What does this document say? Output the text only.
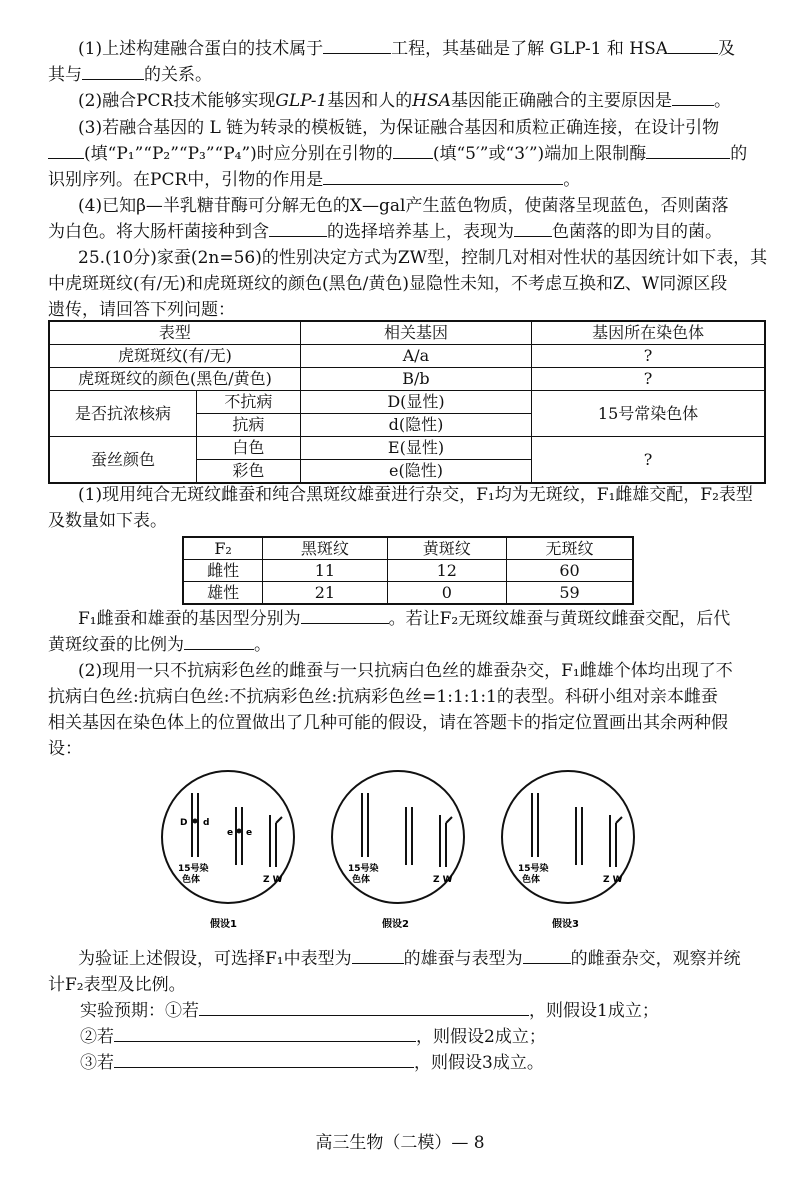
(1)上述构建融合蛋白的技术属于	工程，其基础是了解 GLP-1 和 HSA	及
其与	的关系。
(2)融合PCR技术能够实现GLP-1基因和人的HSA基因能正确融合的主要原因是 。
(3)若融合基因的 L 链为转录的模板链，为保证融合基因和质粒正确连接，在设计引物
(填“P₁”“P₂”“P₃”“P₄”)时应分别在引物的 (填“5′”或“3′”)端加上限制酶	的
识别序列。在PCR中，引物的作用是	。
(4)已知β—半乳糖苷酶可分解无色的X—gal产生蓝色物质，使菌落呈现蓝色，否则菌落
为白色。将大肠杆菌接种到含	的选择培养基上，表现为 色菌落的即为目的菌。
25.(10分)家蚕(2n=56)的性别决定方式为ZW型，控制几对相对性状的基因统计如下表，其
中虎斑斑纹(有/无)和虎斑斑纹的颜色(黑色/黄色)显隐性未知，不考虑互换和Z、W同源区段
遗传，请回答下列问题：
表型		相关基因	基因所在染色体
虎斑斑纹(有/无)		A/a	?
虎斑斑纹的颜色(黑色/黄色)		B/b	?
是否抗浓核病	不抗病	D(显性)	15号常染色体
	抗病	d(隐性)	
蚕丝颜色	白色	E(显性)	?
	彩色	e(隐性)	
(1)现用纯合无斑纹雌蚕和纯合黑斑纹雄蚕进行杂交，F₁均为无斑纹，F₁雌雄交配，F₂表型
及数量如下表。
F₂	黑斑纹	黄斑纹	无斑纹
雌性	11	12	60
雄性	21	0	59
F₁雌蚕和雄蚕的基因型分别为	。若让F₂无斑纹雄蚕与黄斑纹雌蚕交配，后代
黄斑纹蚕的比例为	。
(2)现用一只不抗病彩色丝的雌蚕与一只抗病白色丝的雄蚕杂交，F₁雌雄个体均出现了不
抗病白色丝:抗病白色丝:不抗病彩色丝:抗病彩色丝=1:1:1:1的表型。科研小组对亲本雌蚕
相关基因在染色体上的位置做出了几种可能的假设，请在答题卡的指定位置画出其余两种假
设：
D d
e e
15号染
色体	Z W
假设1
15号染
色体	Z W
假设2
15号染
色体	Z W
假设3
为验证上述假设，可选择F₁中表型为	的雄蚕与表型为	的雌蚕杂交，观察并统
计F₂表型及比例。
实验预期：①若	，则假设1成立；
②若	，则假设2成立；
③若	，则假设3成立。
高三生物（二模）— 8
